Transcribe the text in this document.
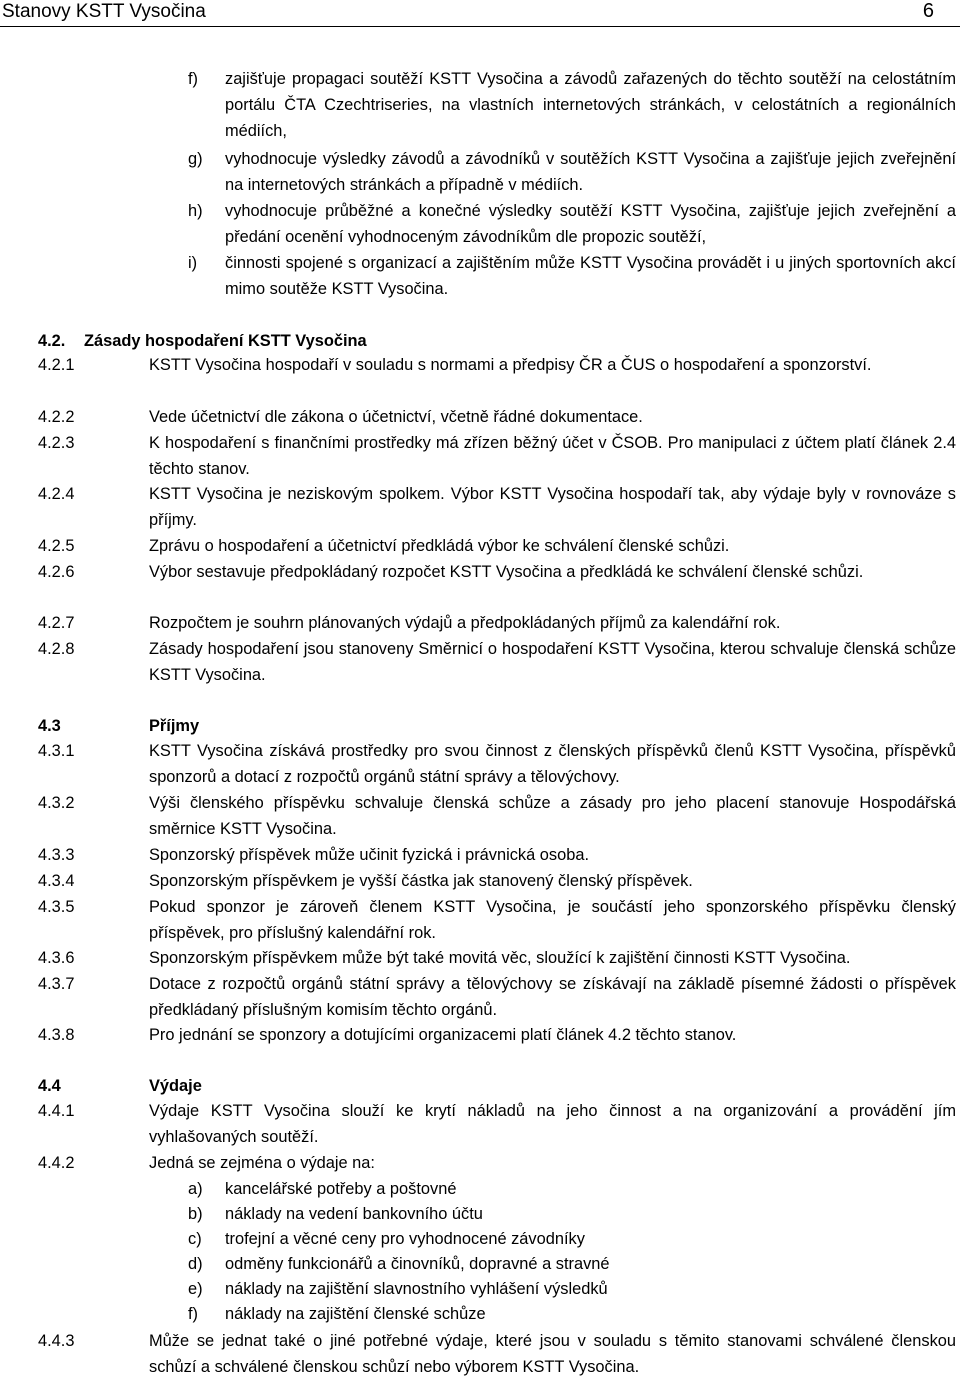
Stanovy KSTT Vysočina	6
f) zajišťuje propagaci soutěží KSTT Vysočina a závodů zařazených do těchto soutěží na celostátním portálu ČTA Czechtriseries, na vlastních internetových stránkách, v celostátních a regionálních médiích,
g) vyhodnocuje výsledky závodů a závodníků v soutěžích KSTT Vysočina a zajišťuje jejich zveřejnění na internetových stránkách a případně v médiích.
h) vyhodnocuje průběžné a konečné výsledky soutěží KSTT Vysočina, zajišťuje jejich zveřejnění a předání ocenění vyhodnoceným závodníkům dle propozic soutěží,
i) činnosti spojené s organizací a zajištěním může KSTT Vysočina provádět i u jiných sportovních akcí mimo soutěže KSTT Vysočina.
4.2. Zásady hospodaření KSTT Vysočina
4.2.1	KSTT Vysočina hospodaří v souladu s normami a předpisy ČR a ČUS o hospodaření a sponzorství.
4.2.2	Vede účetnictví dle zákona o účetnictví, včetně řádné dokumentace.
4.2.3	K hospodaření s finančními prostředky má zřízen běžný účet v ČSOB. Pro manipulaci z účtem platí článek 2.4 těchto stanov.
4.2.4	KSTT Vysočina je neziskovým spolkem. Výbor KSTT Vysočina hospodaří tak, aby výdaje byly v rovnováze s příjmy.
4.2.5	Zprávu o hospodaření a účetnictví předkládá výbor ke schválení členské schůzi.
4.2.6	Výbor sestavuje předpokládaný rozpočet KSTT Vysočina a předkládá ke schválení členské schůzi.
4.2.7	Rozpočtem je souhrn plánovaných výdajů a předpokládaných příjmů za kalendářní rok.
4.2.8	Zásady hospodaření jsou stanoveny Směrnicí o hospodaření KSTT Vysočina, kterou schvaluje členská schůze KSTT Vysočina.
4.3	Příjmy
4.3.1	KSTT Vysočina získává prostředky pro svou činnost z členských příspěvků členů KSTT Vysočina, příspěvků sponzorů a dotací z rozpočtů orgánů státní správy a tělovýchovy.
4.3.2	Výši členského příspěvku schvaluje členská schůze a zásady pro jeho placení stanovuje Hospodářská směrnice KSTT Vysočina.
4.3.3	Sponzorský příspěvek může učinit fyzická i právnická osoba.
4.3.4	Sponzorským příspěvkem je vyšší částka jak stanovený členský příspěvek.
4.3.5	Pokud sponzor je zároveň členem KSTT Vysočina, je součástí jeho sponzorského příspěvku členský příspěvek, pro příslušný kalendářní rok.
4.3.6	Sponzorským příspěvkem může být také movitá věc, sloužící k zajištění činnosti KSTT Vysočina.
4.3.7	Dotace z rozpočtů orgánů státní správy a tělovýchovy se získávají na základě písemné žádosti o příspěvek předkládaný příslušným komisím těchto orgánů.
4.3.8	Pro jednání se sponzory a dotujícími organizacemi platí článek 4.2 těchto stanov.
4.4	Výdaje
4.4.1	Výdaje KSTT Vysočina slouží ke krytí nákladů na jeho činnost a na organizování a provádění jím vyhlašovaných soutěží.
4.4.2	Jedná se zejména o výdaje na:
a) kancelářské potřeby a poštovné
b) náklady na vedení bankovního účtu
c) trofejní a věcné ceny pro vyhodnocené závodníky
d) odměny funkcionářů a činovníků, dopravné a stravné
e) náklady na zajištění slavnostního vyhlášení výsledků
f) náklady na zajištění členské schůze
4.4.3	Může se jednat také o jiné potřebné výdaje, které jsou v souladu s těmito stanovami schválené členskou schůzí a schválené členskou schůzí nebo výborem KSTT Vysočina.
